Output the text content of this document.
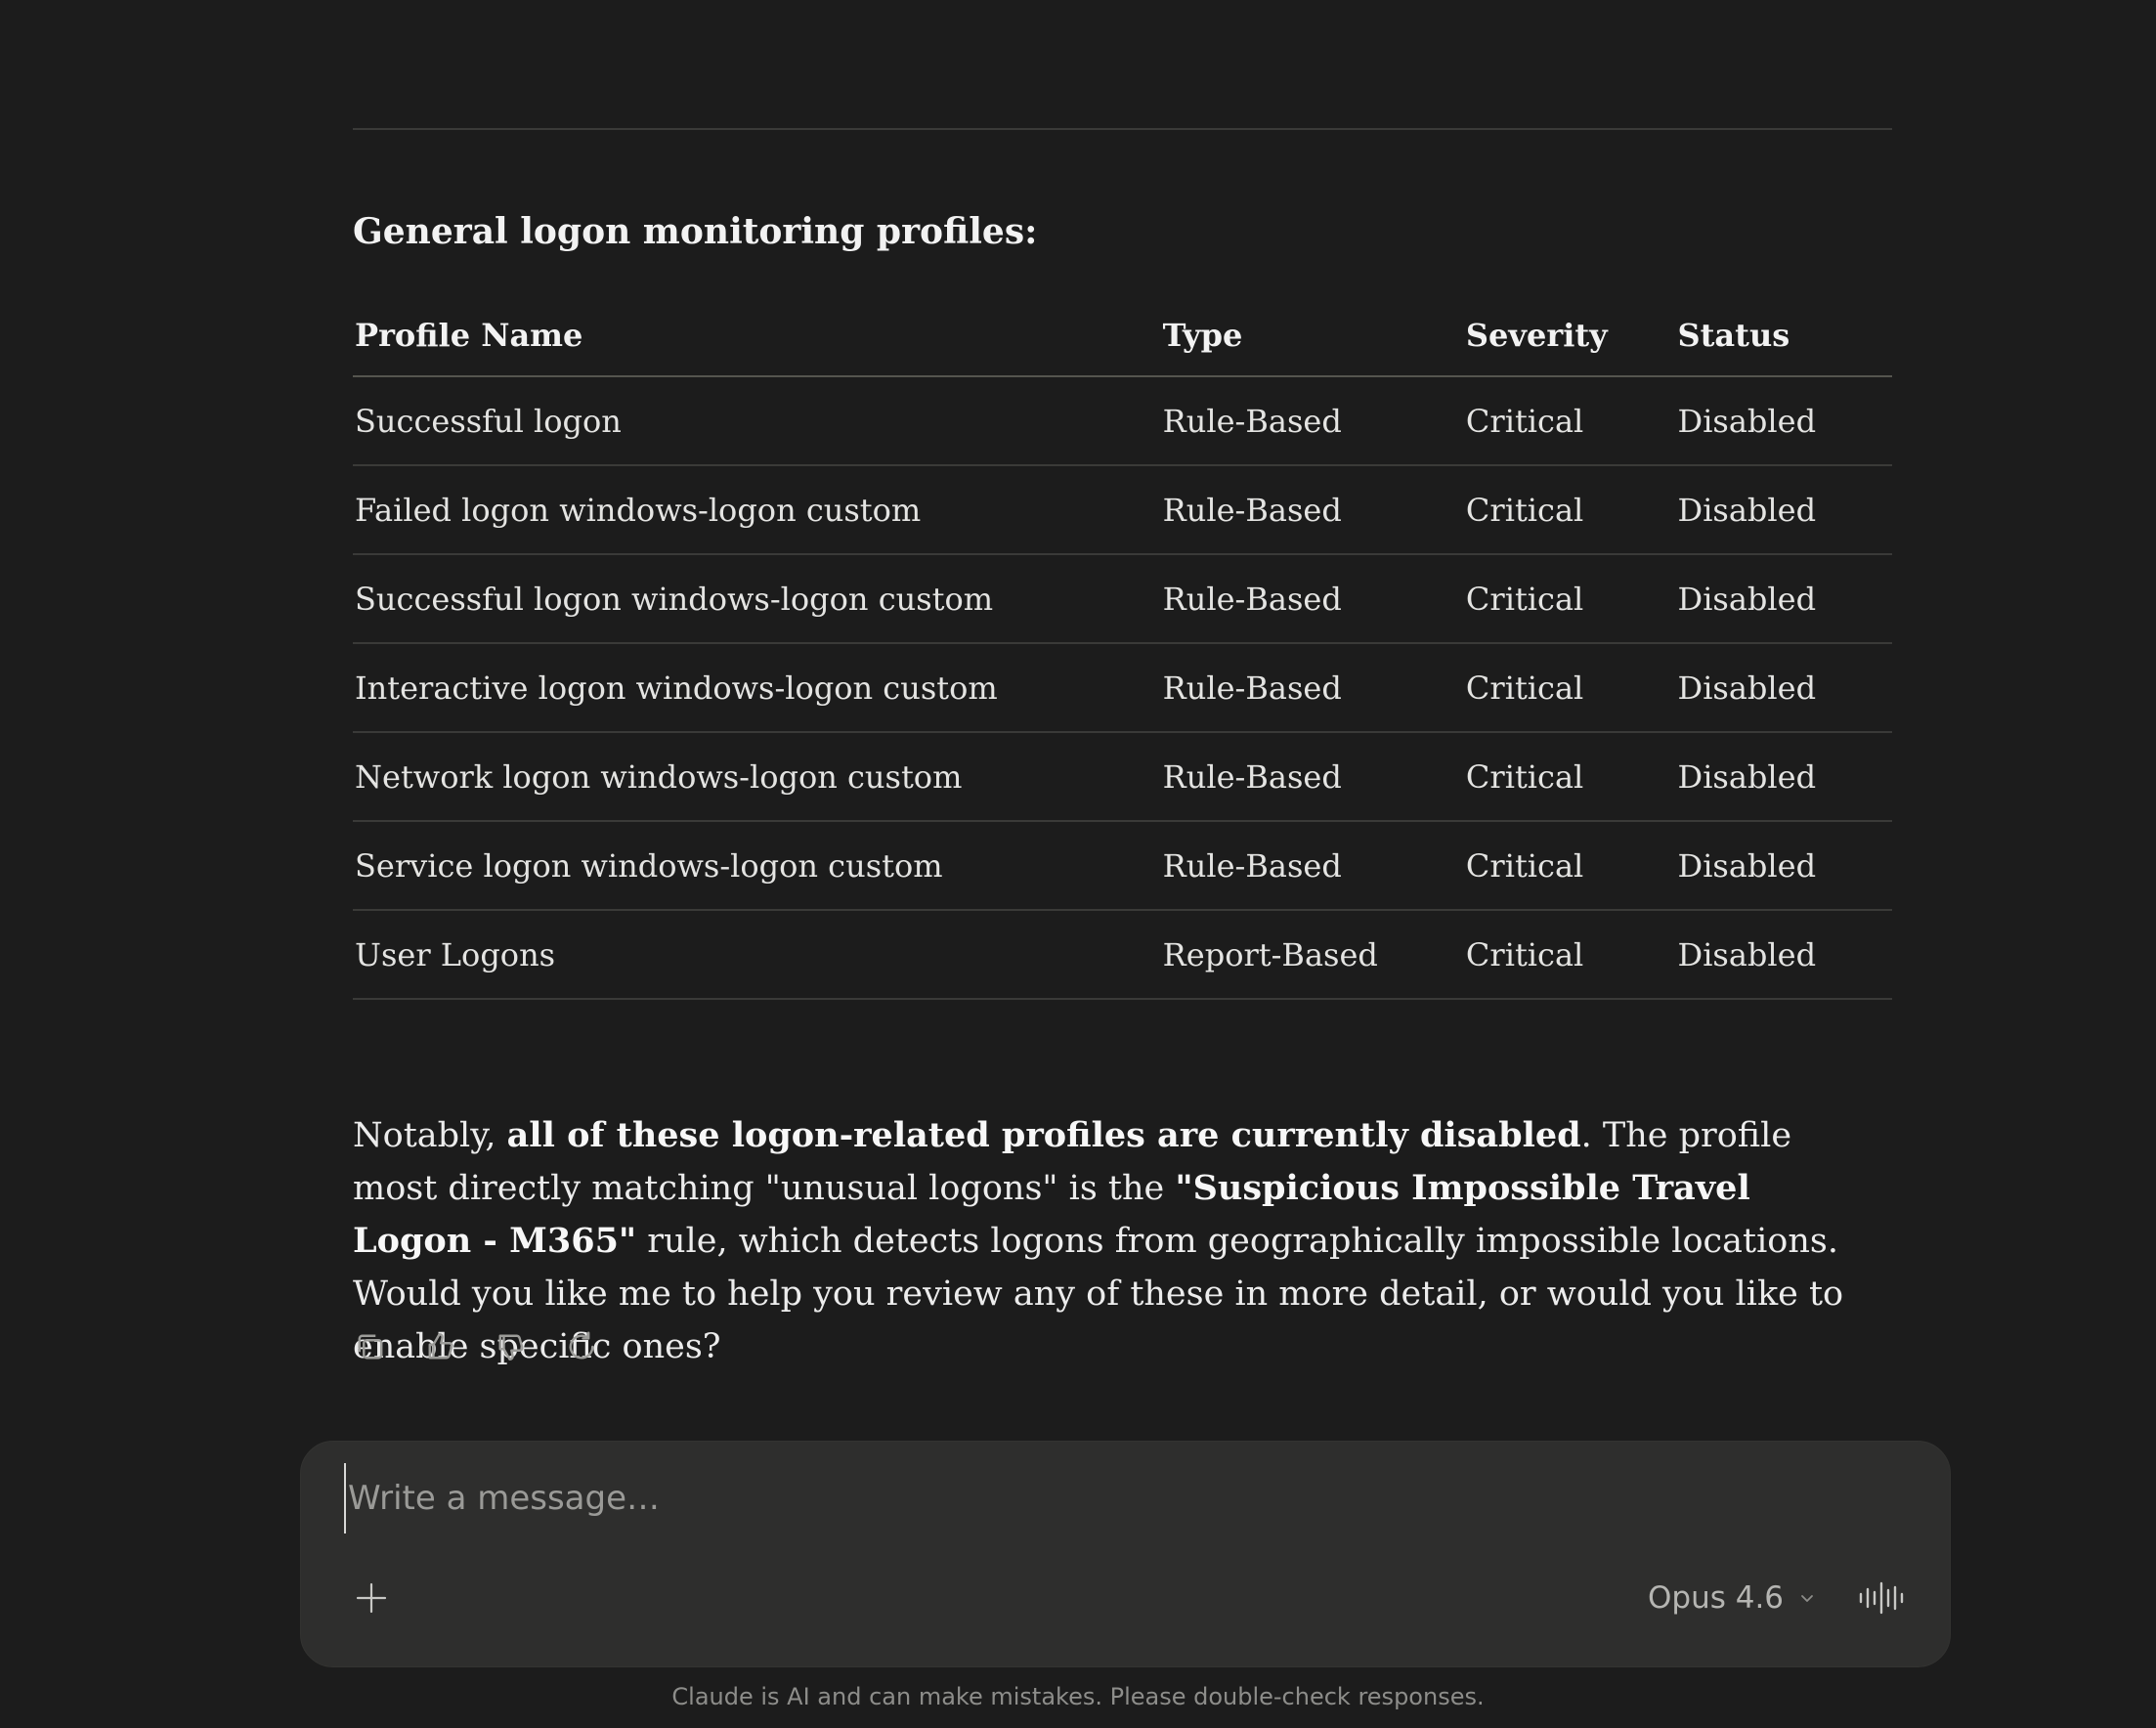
General logon monitoring profiles:
Profile Name	Type	Severity	Status
Successful logon	Rule-Based	Critical	Disabled
Failed logon windows-logon custom	Rule-Based	Critical	Disabled
Successful logon windows-logon custom	Rule-Based	Critical	Disabled
Interactive logon windows-logon custom	Rule-Based	Critical	Disabled
Network logon windows-logon custom	Rule-Based	Critical	Disabled
Service logon windows-logon custom	Rule-Based	Critical	Disabled
User Logons	Report-Based	Critical	Disabled

Notably, all of these logon-related profiles are currently disabled. The profile most directly matching "unusual logons" is the "Suspicious Impossible Travel Logon - M365" rule, which detects logons from geographically impossible locations. Would you like me to help you review any of these in more detail, or would you like to enable specific ones?

Write a message…
Opus 4.6
Claude is AI and can make mistakes. Please double-check responses.
